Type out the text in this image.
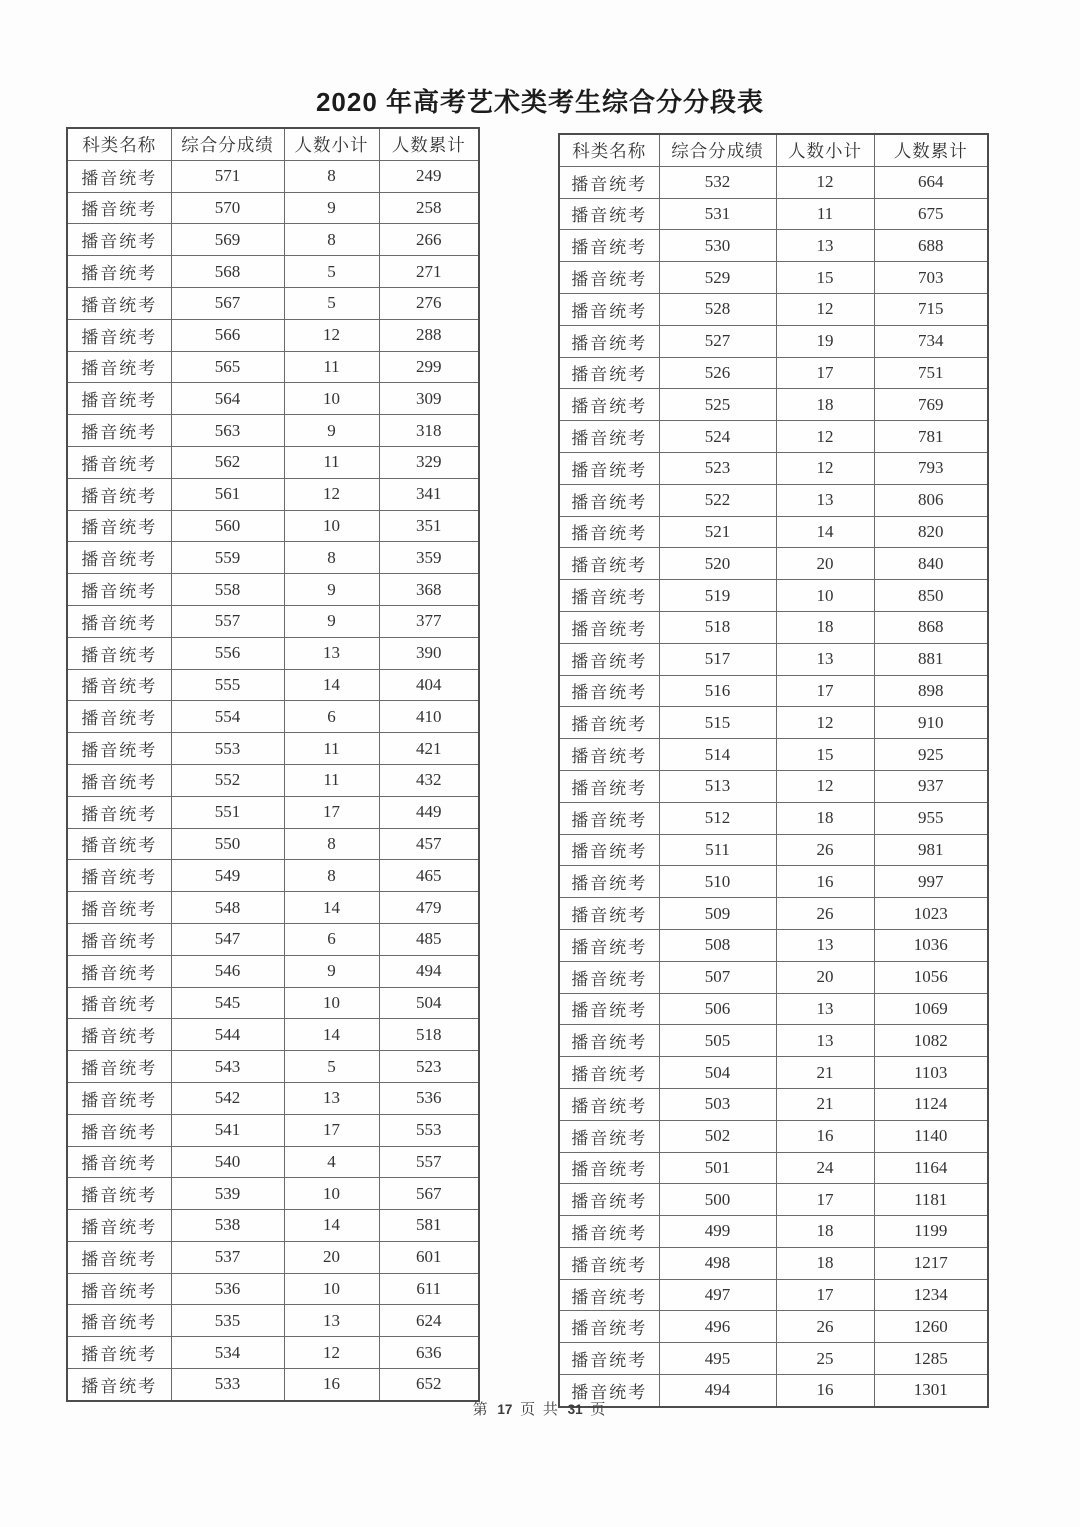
2020 年高考艺术类考生综合分分段表
科类名称	综合分成绩	人数小计	人数累计
播音统考	571	8	249
播音统考	570	9	258
播音统考	569	8	266
播音统考	568	5	271
播音统考	567	5	276
播音统考	566	12	288
播音统考	565	11	299
播音统考	564	10	309
播音统考	563	9	318
播音统考	562	11	329
播音统考	561	12	341
播音统考	560	10	351
播音统考	559	8	359
播音统考	558	9	368
播音统考	557	9	377
播音统考	556	13	390
播音统考	555	14	404
播音统考	554	6	410
播音统考	553	11	421
播音统考	552	11	432
播音统考	551	17	449
播音统考	550	8	457
播音统考	549	8	465
播音统考	548	14	479
播音统考	547	6	485
播音统考	546	9	494
播音统考	545	10	504
播音统考	544	14	518
播音统考	543	5	523
播音统考	542	13	536
播音统考	541	17	553
播音统考	540	4	557
播音统考	539	10	567
播音统考	538	14	581
播音统考	537	20	601
播音统考	536	10	611
播音统考	535	13	624
播音统考	534	12	636
播音统考	533	16	652
科类名称	综合分成绩	人数小计	人数累计
播音统考	532	12	664
播音统考	531	11	675
播音统考	530	13	688
播音统考	529	15	703
播音统考	528	12	715
播音统考	527	19	734
播音统考	526	17	751
播音统考	525	18	769
播音统考	524	12	781
播音统考	523	12	793
播音统考	522	13	806
播音统考	521	14	820
播音统考	520	20	840
播音统考	519	10	850
播音统考	518	18	868
播音统考	517	13	881
播音统考	516	17	898
播音统考	515	12	910
播音统考	514	15	925
播音统考	513	12	937
播音统考	512	18	955
播音统考	511	26	981
播音统考	510	16	997
播音统考	509	26	1023
播音统考	508	13	1036
播音统考	507	20	1056
播音统考	506	13	1069
播音统考	505	13	1082
播音统考	504	21	1103
播音统考	503	21	1124
播音统考	502	16	1140
播音统考	501	24	1164
播音统考	500	17	1181
播音统考	499	18	1199
播音统考	498	18	1217
播音统考	497	17	1234
播音统考	496	26	1260
播音统考	495	25	1285
播音统考	494	16	1301
第 17 页 共 31 页
